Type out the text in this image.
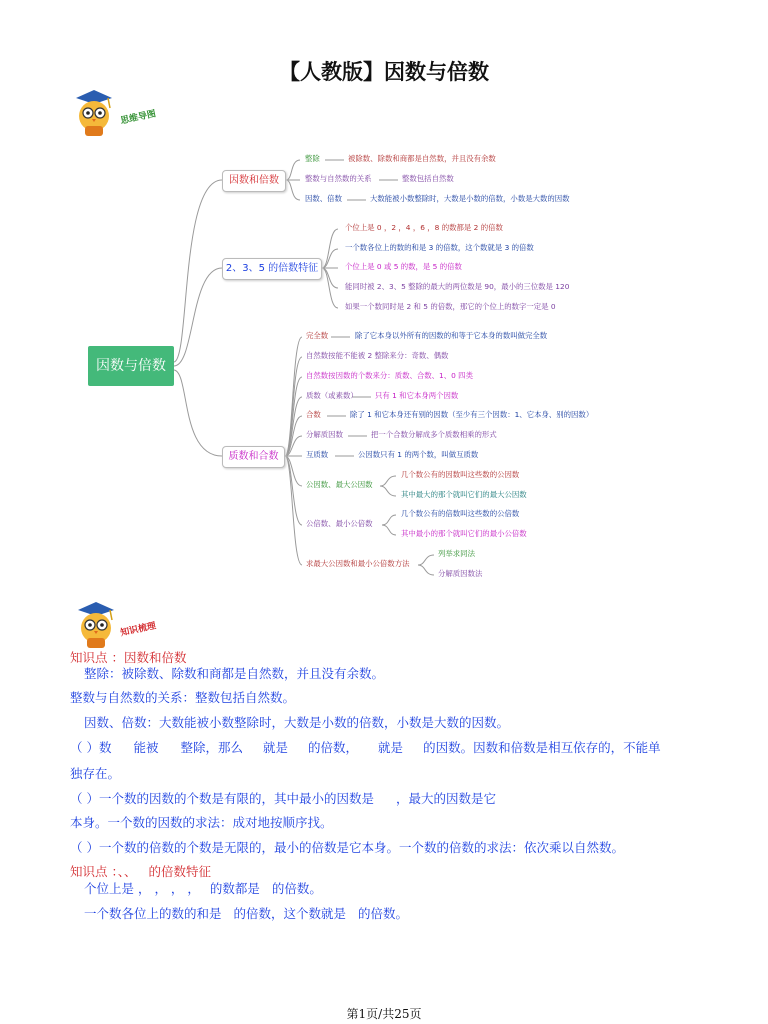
【人教版】因数与倍数
思维导图
因数与倍数
因数和倍数
2、3、5 的倍数特征
质数和合数
整除	被除数、除数和商都是自然数，并且没有余数
整数与自然数的关系	整数包括自然数
因数、倍数	大数能被小数整除时，大数是小数的倍数，小数是大数的因数
个位上是 0 ，2 ，4 ，6 ，8 的数都是 2 的倍数
一个数各位上的数的和是 3 的倍数，这个数就是 3 的倍数
个位上是 0 或 5 的数，是 5 的倍数
能同时被 2、3、5 整除的最大的两位数是 90，最小的三位数是 120
如果一个数同时是 2 和 5 的倍数，那它的个位上的数字一定是 0
完全数	除了它本身以外所有的因数的和等于它本身的数叫做完全数
自然数按能不能被 2 整除来分：奇数、偶数
自然数按因数的个数来分：质数、合数、1、0 四类
质数（或素数） 只有 1 和它本身两个因数
合数	除了 1 和它本身还有别的因数（至少有三个因数：1、它本身、别的因数）
分解质因数	把一个合数分解成多个质数相乘的形式
互质数	公因数只有 1 的两个数，叫做互质数
公因数、最大公因数
几个数公有的因数叫这些数的公因数
其中最大的那个就叫它们的最大公因数
公倍数、最小公倍数
几个数公有的倍数叫这些数的公倍数
其中最小的那个就叫它们的最小公倍数
求最大公因数和最小公倍数方法
列举求同法
分解质因数法
知识梳理
知识点 ：因数和倍数
整除：被除数、除数和商都是自然数，并且没有余数。
整数与自然数的关系：整数包括自然数。
因数、倍数：大数能被小数整除时，大数是小数的倍数，小数是大数的因数。
（ ）数 能被 整除，那么 就是 的倍数， 就是 的因数。因数和倍数是相互依存的，不能单
独存在。
（ ）一个数的因数的个数是有限的，其中最小的因数是 ，最大的因数是它
本身。一个数的因数的求法：成对地按顺序找。
（ ）一个数的倍数的个数是无限的，最小的倍数是它本身。一个数的倍数的求法：依次乘以自然数。
知识点 ：、、 的倍数特征
个位上是 ， ， ， ， 的数都是 的倍数。
一个数各位上的数的和是 的倍数，这个数就是 的倍数。
第1页/共25页
